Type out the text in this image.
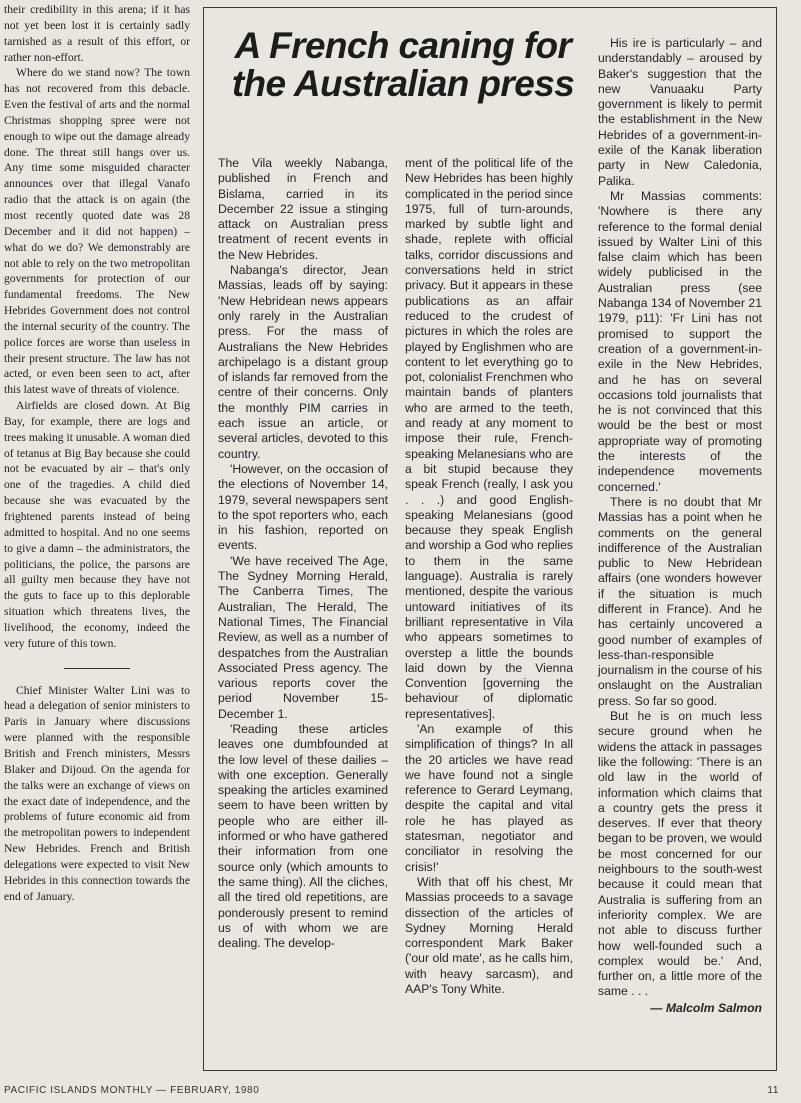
their credibility in this arena; if it has not yet been lost it is certainly sadly tarnished as a result of this effort, or rather non-effort.

Where do we stand now? The town has not recovered from this debacle. Even the festival of arts and the normal Christmas shopping spree were not enough to wipe out the damage already done. The threat still hangs over us. Any time some misguided character announces over that illegal Vanafo radio that the attack is on again (the most recently quoted date was 28 December and it did not happen) – what do we do? We demonstrably are not able to rely on the two metropolitan governments for protection of our fundamental freedoms. The New Hebrides Government does not control the internal security of the country. The police forces are worse than useless in their present structure. The law has not acted, or even been seen to act, after this latest wave of threats of violence.

Airfields are closed down. At Big Bay, for example, there are logs and trees making it unusable. A woman died of tetanus at Big Bay because she could not be evacuated by air – that's only one of the tragedies. A child died because she was evacuated by the frightened parents instead of being admitted to hospital. And no one seems to give a damn – the administrators, the politicians, the police, the parsons are all guilty men because they have not the guts to face up to this deplorable situation which threatens lives, the livelihood, the economy, indeed the very future of this town.

Chief Minister Walter Lini was to head a delegation of senior ministers to Paris in January where discussions were planned with the responsible British and French ministers, Messrs Blaker and Dijoud. On the agenda for the talks were an exchange of views on the exact date of independence, and the problems of future economic aid from the metropolitan powers to independent New Hebrides. French and British delegations were expected to visit New Hebrides in this connection towards the end of January.

A French caning for the Australian press

The Vila weekly Nabanga, published in French and Bislama, carried in its December 22 issue a stinging attack on Australian press treatment of recent events in the New Hebrides.

Nabanga's director, Jean Massias, leads off by saying: 'New Hebridean news appears only rarely in the Australian press. For the mass of Australians the New Hebrides archipelago is a distant group of islands far removed from the centre of their concerns. Only the monthly PIM carries in each issue an article, or several articles, devoted to this country.

'However, on the occasion of the elections of November 14, 1979, several newspapers sent to the spot reporters who, each in his fashion, reported on events.

'We have received The Age, The Sydney Morning Herald, The Canberra Times, The Australian, The Herald, The National Times, The Financial Review, as well as a number of despatches from the Australian Associated Press agency. The various reports cover the period November 15-December 1.

'Reading these articles leaves one dumbfounded at the low level of these dailies – with one exception. Generally speaking the articles examined seem to have been written by people who are either ill-informed or who have gathered their information from one source only (which amounts to the same thing). All the cliches, all the tired old repetitions, are ponderously present to remind us of with whom we are dealing. The develop-

ment of the political life of the New Hebrides has been highly complicated in the period since 1975, full of turn-arounds, marked by subtle light and shade, replete with official talks, corridor discussions and conversations held in strict privacy. But it appears in these publications as an affair reduced to the crudest of pictures in which the roles are played by Englishmen who are content to let everything go to pot, colonialist Frenchmen who maintain bands of planters who are armed to the teeth, and ready at any moment to impose their rule, French-speaking Melanesians who are a bit stupid because they speak French (really, I ask you . . .) and good English-speaking Melanesians (good because they speak English and worship a God who replies to them in the same language). Australia is rarely mentioned, despite the various untoward initiatives of its brilliant representative in Vila who appears sometimes to overstep a little the bounds laid down by the Vienna Convention [governing the behaviour of diplomatic representatives].

'An example of this simplification of things? In all the 20 articles we have read we have found not a single reference to Gerard Leymang, despite the capital and vital role he has played as statesman, negotiator and conciliator in resolving the crisis!'

With that off his chest, Mr Massias proceeds to a savage dissection of the articles of Sydney Morning Herald correspondent Mark Baker ('our old mate', as he calls him, with heavy sarcasm), and AAP's Tony White.

His ire is particularly – and understandably – aroused by Baker's suggestion that the new Vanuaaku Party government is likely to permit the establishment in the New Hebrides of a government-in-exile of the Kanak liberation party in New Caledonia, Palika.

Mr Massias comments: 'Nowhere is there any reference to the formal denial issued by Walter Lini of this false claim which has been widely publicised in the Australian press (see Nabanga 134 of November 21 1979, p11): 'Fr Lini has not promised to support the creation of a government-in-exile in the New Hebrides, and he has on several occasions told journalists that he is not convinced that this would be the best or most appropriate way of promoting the interests of the independence movements concerned.'

There is no doubt that Mr Massias has a point when he comments on the general indifference of the Australian public to New Hebridean affairs (one wonders however if the situation is much different in France). And he has certainly uncovered a good number of examples of less-than-responsible journalism in the course of his onslaught on the Australian press. So far so good.

But he is on much less secure ground when he widens the attack in passages like the following: 'There is an old law in the world of information which claims that a country gets the press it deserves. If ever that theory began to be proven, we would be most concerned for our neighbours to the south-west because it could mean that Australia is suffering from an inferiority complex. We are not able to discuss further how well-founded such a complex would be.' And, further on, a little more of the same . . .

— Malcolm Salmon
PACIFIC ISLANDS MONTHLY — FEBRUARY, 1980	11
